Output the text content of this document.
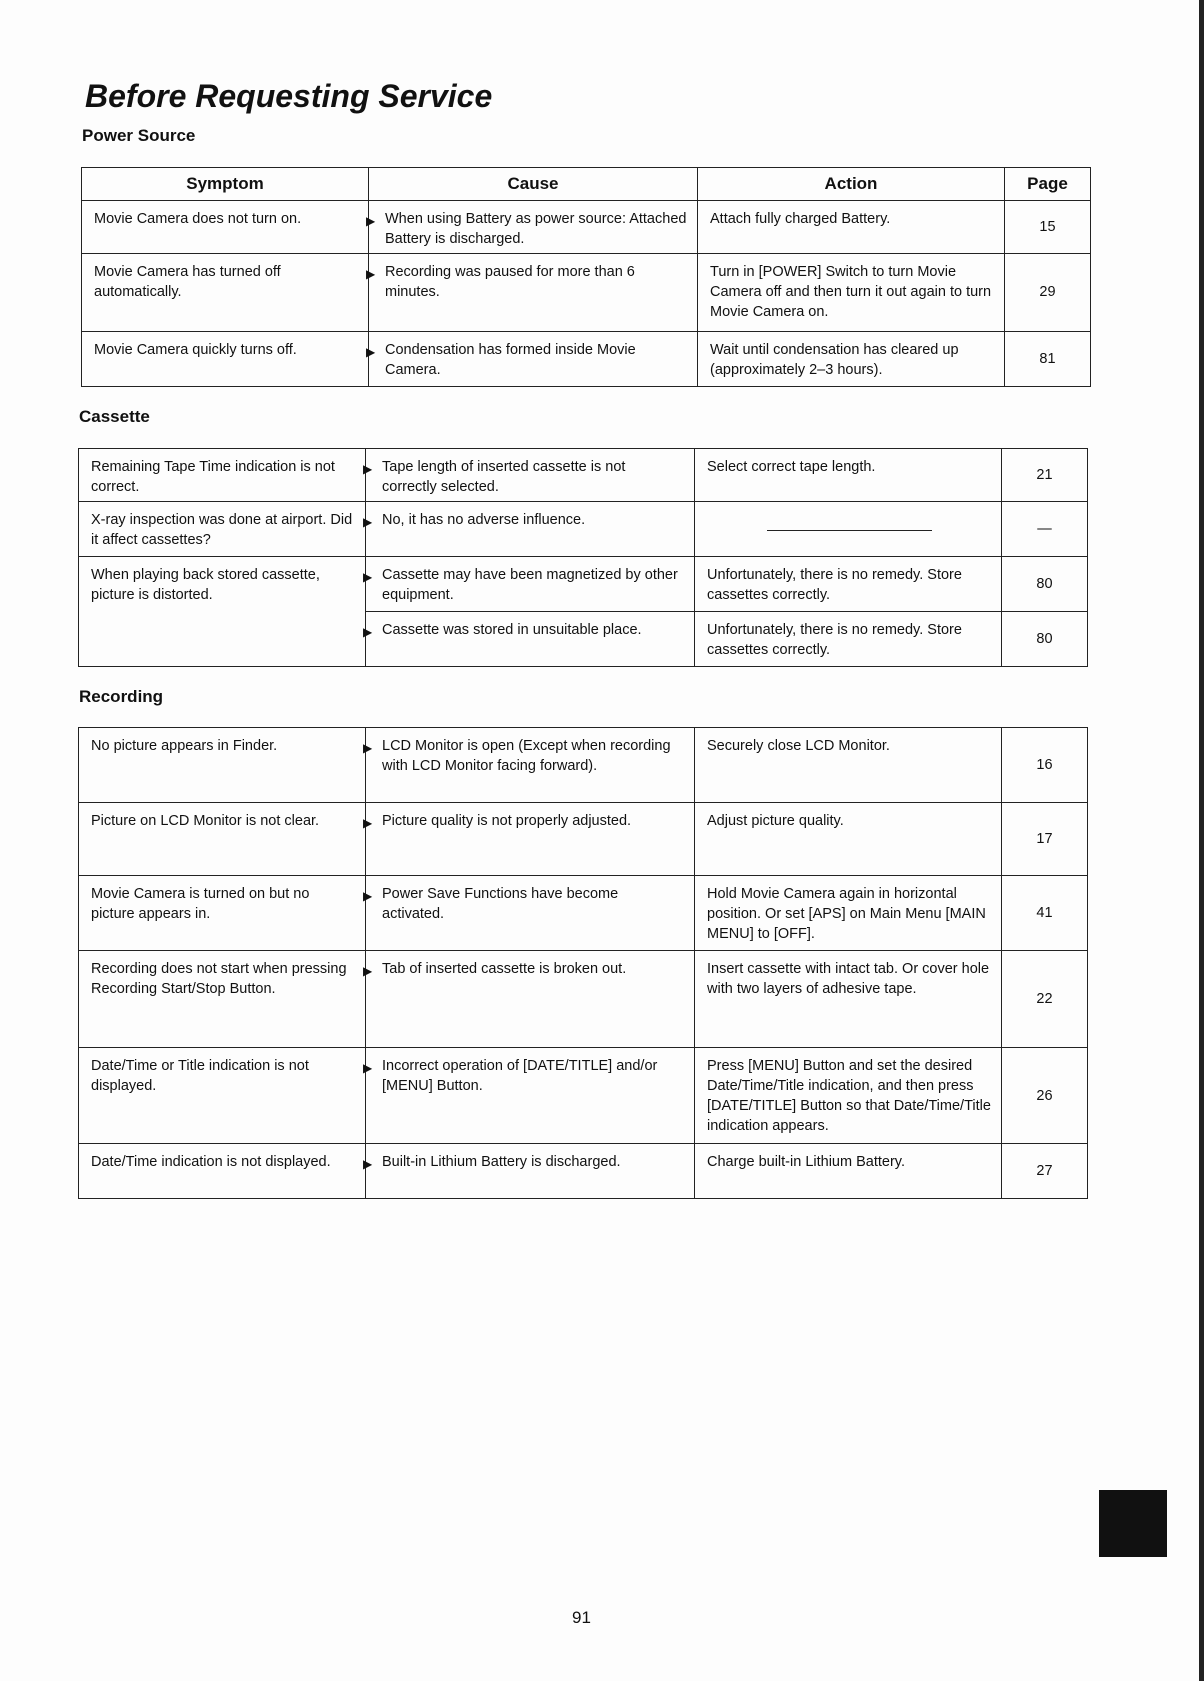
Before Requesting Service
Power Source
Symptom	Cause	Action	Page
Movie Camera does not turn on.	▶ When using Battery as power source: Attached Battery is discharged.	Attach fully charged Battery.	15
Movie Camera has turned off automatically.	▶ Recording was paused for more than 6 minutes.	Turn in [POWER] Switch to turn Movie Camera off and then turn it out again to turn Movie Camera on.	29
Movie Camera quickly turns off.	▶ Condensation has formed inside Movie Camera.	Wait until condensation has cleared up (approximately 2–3 hours).	81
Cassette
Remaining Tape Time indication is not correct.	▶ Tape length of inserted cassette is not correctly selected.	Select correct tape length.	21
X-ray inspection was done at airport. Did it affect cassettes?	▶ No, it has no adverse influence.		—
When playing back stored cassette, picture is distorted.	▶ Cassette may have been magnetized by other equipment.	Unfortunately, there is no remedy. Store cassettes correctly.	80

	▶ Cassette was stored in unsuitable place.	Unfortunately, there is no remedy. Store cassettes correctly.	80
Recording
No picture appears in Finder.	▶ LCD Monitor is open (Except when recording with LCD Monitor facing forward).	Securely close LCD Monitor.	16
Picture on LCD Monitor is not clear.	▶ Picture quality is not properly adjusted.	Adjust picture quality.	17
Movie Camera is turned on but no picture appears in.	▶ Power Save Functions have become activated.	Hold Movie Camera again in horizontal position. Or set [APS] on Main Menu [MAIN MENU] to [OFF].	41
Recording does not start when pressing Recording Start/Stop Button.	▶ Tab of inserted cassette is broken out.	Insert cassette with intact tab. Or cover hole with two layers of adhesive tape.	22
Date/Time or Title indication is not displayed.	▶ Incorrect operation of [DATE/TITLE] and/or [MENU] Button.	Press [MENU] Button and set the desired Date/Time/Title indication, and then press [DATE/TITLE] Button so that Date/Time/Title indication appears.	26
Date/Time indication is not displayed.	▶ Built-in Lithium Battery is discharged.	Charge built-in Lithium Battery.	27
91
